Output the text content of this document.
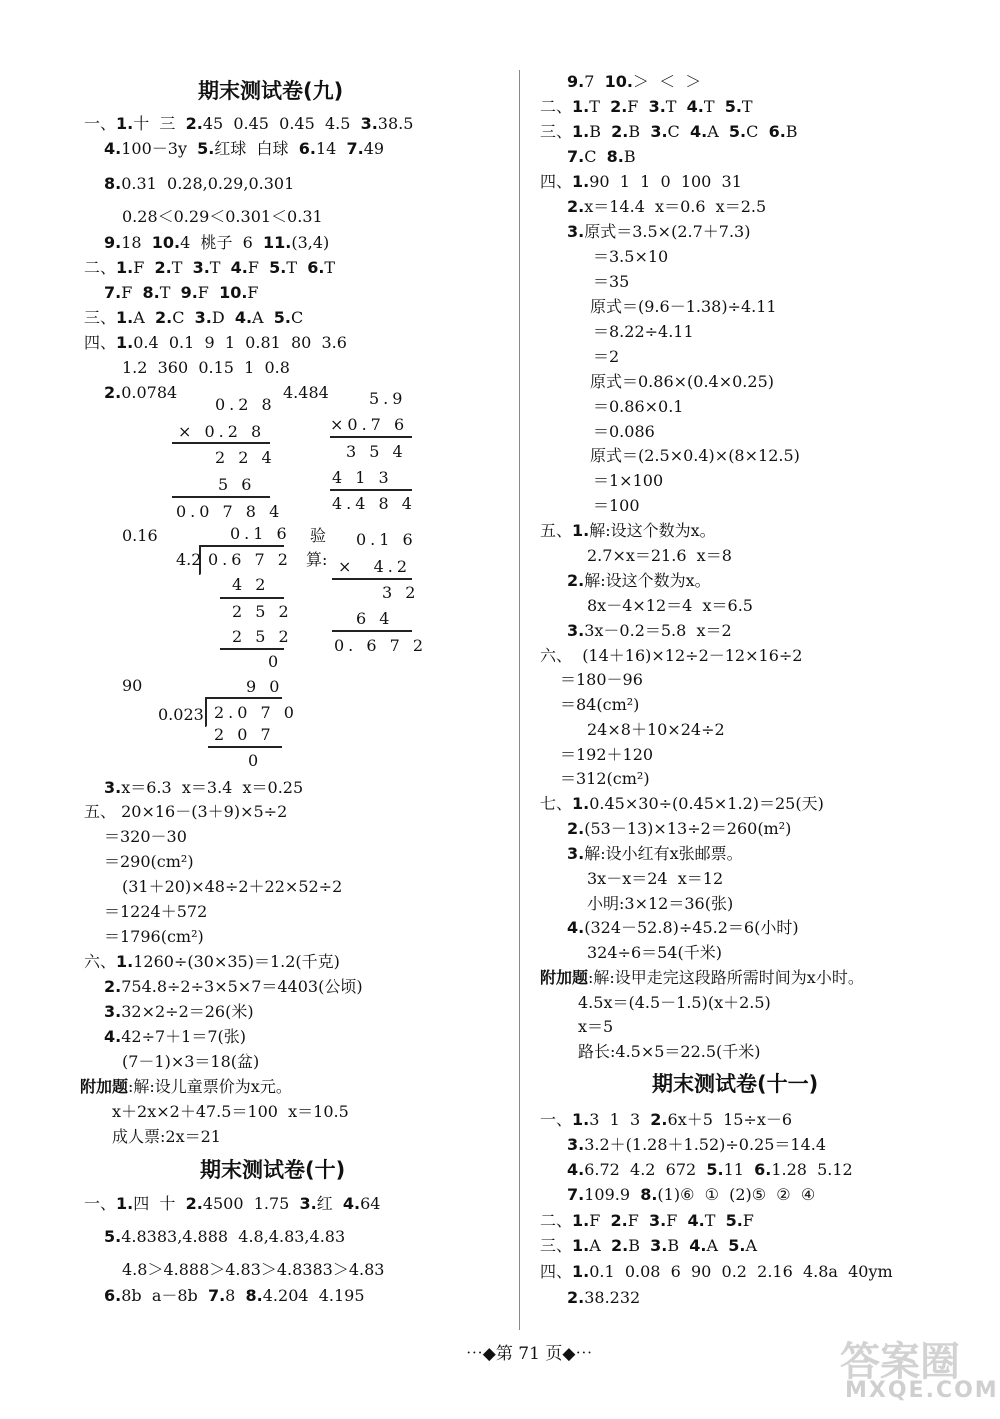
期末测试卷(九)
一、1.十  三  2.45  0.45  0.45  4.5  3.38.5
4.100－3y  5.红球  白球  6.14  7.49
8.0.31  0.28,0.29,0.301
0.28＜0.29＜0.301＜0.31
9.18  10.4  桃子  6  11.(3,4)
二、1.F  2.T  3.T  4.F  5.T  6.T
7.F  8.T  9.F  10.F
三、1.A  2.C  3.D  4.A  5.C
四、1.0.4  0.1  9  1  0.81  80  3.6
1.2  360  0.15  1  0.8
2.0.0784	4.484
0.2 8
× 0.2 8
2 2 4
5 6
0.0 7 8 4
5.9
×0.7 6
3 5 4
4 1 3
4.4 8 4
0.16	0.1 6
4.2 0.6 7 2
4 2
2 5 2
2 5 2
0
验
算:
0.1 6
×  4.2
3 2
6 4
0. 6 7 2
90	9 0
0.023 2.0 7 0
2 0 7
0
3.x＝6.3  x＝3.4  x＝0.25
五、 20×16－(3＋9)×5÷2
＝320－30
＝290(cm²)
(31＋20)×48÷2＋22×52÷2
＝1224＋572
＝1796(cm²)
六、1.1260÷(30×35)＝1.2(千克)
2.754.8÷2÷3×5×7＝4403(公顷)
3.32×2÷2＝26(米)
4.42÷7＋1＝7(张)
(7－1)×3＝18(盆)
附加题:解:设儿童票价为x元。
x＋2x×2＋47.5＝100  x＝10.5
成人票:2x＝21
期末测试卷(十)
一、1.四  十  2.4500  1.75  3.红  4.64
5.4.8383,4.888  4.8,4.83,4.83
4.8＞4.888＞4.83＞4.8383＞4.83
6.8b  a－8b  7.8  8.4.204  4.195
9.7  10.＞  ＜  ＞
二、1.T  2.F  3.T  4.T  5.T
三、1.B  2.B  3.C  4.A  5.C  6.B
7.C  8.B
四、1.90  1  1  0  100  31
2.x＝14.4  x＝0.6  x＝2.5
3.原式＝3.5×(2.7＋7.3)
＝3.5×10
＝35
原式＝(9.6－1.38)÷4.11
＝8.22÷4.11
＝2
原式＝0.86×(0.4×0.25)
＝0.86×0.1
＝0.086
原式＝(2.5×0.4)×(8×12.5)
＝1×100
＝100
五、1.解:设这个数为x。
2.7×x＝21.6  x＝8
2.解:设这个数为x。
8x－4×12＝4  x＝6.5
3.3x－0.2＝5.8  x＝2
六、  (14＋16)×12÷2－12×16÷2
＝180－96
＝84(cm²)
24×8＋10×24÷2
＝192＋120
＝312(cm²)
七、1.0.45×30÷(0.45×1.2)＝25(天)
2.(53－13)×13÷2＝260(m²)
3.解:设小红有x张邮票。
3x－x＝24  x＝12
小明:3×12＝36(张)
4.(324－52.8)÷45.2＝6(小时)
324÷6＝54(千米)
附加题:解:设甲走完这段路所需时间为x小时。
4.5x＝(4.5－1.5)(x＋2.5)
x＝5
路长:4.5×5＝22.5(千米)
期末测试卷(十一)
一、1.3  1  3  2.6x＋5  15÷x－6
3.3.2＋(1.28＋1.52)÷0.25＝14.4
4.6.72  4.2  672  5.11  6.1.28  5.12
7.109.9  8.(1)⑥  ①  (2)⑤  ②  ④
二、1.F  2.F  3.F  4.T  5.F
三、1.A  2.B  3.B  4.A  5.A
四、1.0.1  0.08  6  90  0.2  2.16  4.8a  40ym
2.38.232

⋯◆第 71 页◆⋯	答案圈
MXQE.COM
